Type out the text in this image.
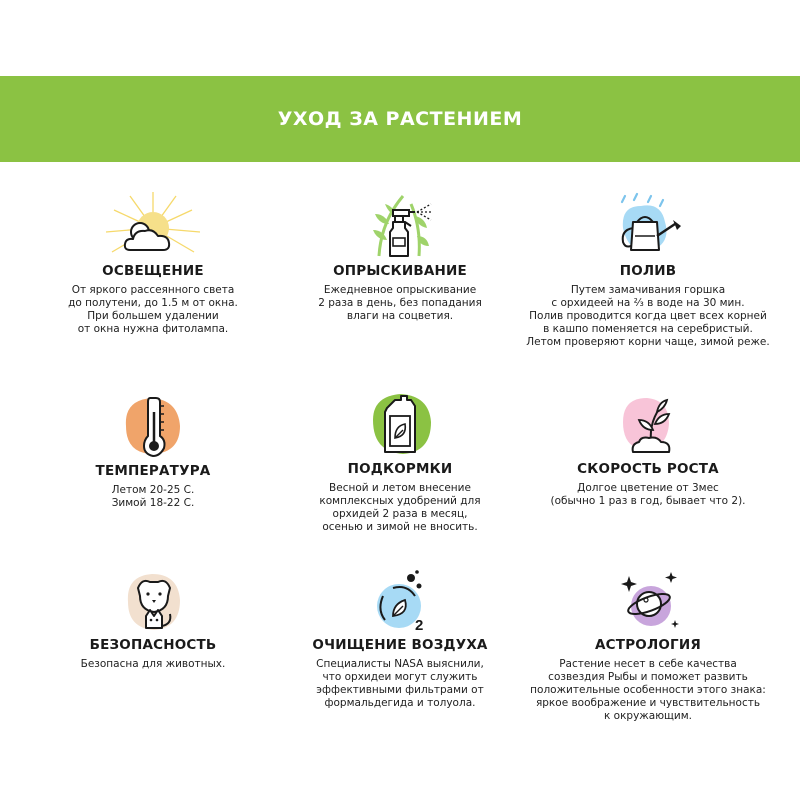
УХОД ЗА РАСТЕНИЕМ
ОСВЕЩЕНИЕ
От яркого рассеянного света
до полутени, до 1.5 м от окна.
При большем удалении
от окна нужна фитолампа.
ОПРЫСКИВАНИЕ
Ежедневное опрыскивание
2 раза в день, без попадания
влаги на соцветия.
ПОЛИВ
Путем замачивания горшка
с орхидеей на ⅔ в воде на 30 мин.
Полив проводится когда цвет всех корней
в кашпо поменяется на серебристый.
Летом проверяют корни чаще, зимой реже.
ТЕМПЕРАТУРА
Летом 20-25 С.
Зимой 18-22 С.
ПОДКОРМКИ
Весной и летом внесение
комплексных удобрений для
орхидей 2 раза в месяц,
осенью и зимой не вносить.
СКОРОСТЬ РОСТА
Долгое цветение от 3мес
(обычно 1 раз в год, бывает что 2).
БЕЗОПАСНОСТЬ
Безопасна для животных.
2
ОЧИЩЕНИЕ ВОЗДУХА
Специалисты NASA выяснили,
что орхидеи могут служить
эффективными фильтрами от
формальдегида и толуола.
АСТРОЛОГИЯ
Растение несет в себе качества
созвездия Рыбы и поможет развить
положительные особенности этого знака:
яркое воображение и чувствительность
к окружающим.
